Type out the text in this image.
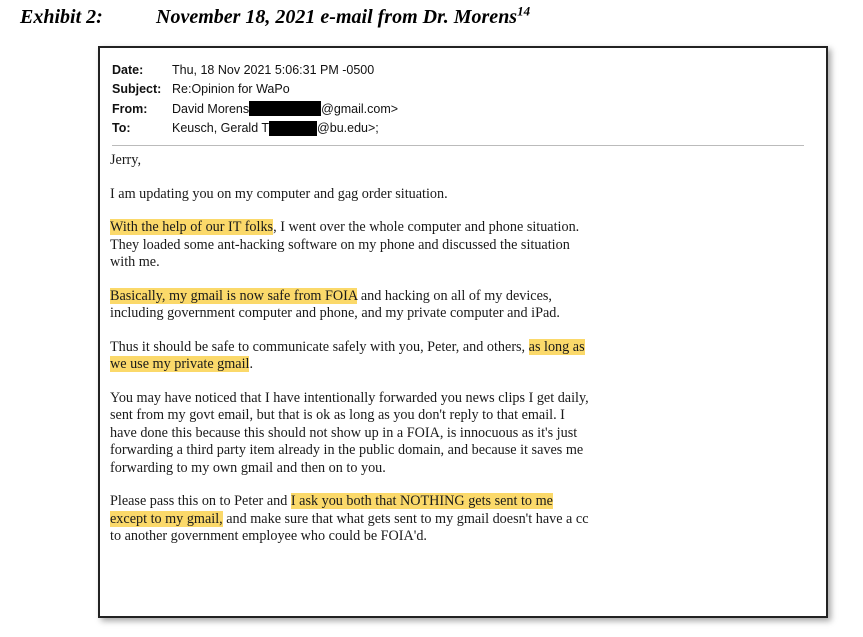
Exhibit 2:	November 18, 2021 e-mail from Dr. Morens$^{14}$
Date:	Thu, 18 Nov 2021 5:06:31 PM -0500
Subject: Re:Opinion for WaPo
From:	David Morens	@gmail.com>
To:	Keusch, Gerald T	@bu.edu>;

Jerry,

I am updating you on my computer and gag order situation.

With the help of our IT folks, I went over the whole computer and phone situation. They loaded some ant-hacking software on my phone and discussed the situation with me.

Basically, my gmail is now safe from FOIA and hacking on all of my devices, including government computer and phone, and my private computer and iPad.

Thus it should be safe to communicate safely with you, Peter, and others, as long as we use my private gmail.

You may have noticed that I have intentionally forwarded you news clips I get daily, sent from my govt email, but that is ok as long as you don't reply to that email. I have done this because this should not show up in a FOIA, is innocuous as it's just forwarding a third party item already in the public domain, and because it saves me forwarding to my own gmail and then on to you.

Please pass this on to Peter and I ask you both that NOTHING gets sent to me except to my gmail, and make sure that what gets sent to my gmail doesn't have a cc to another government employee who could be FOIA'd.
